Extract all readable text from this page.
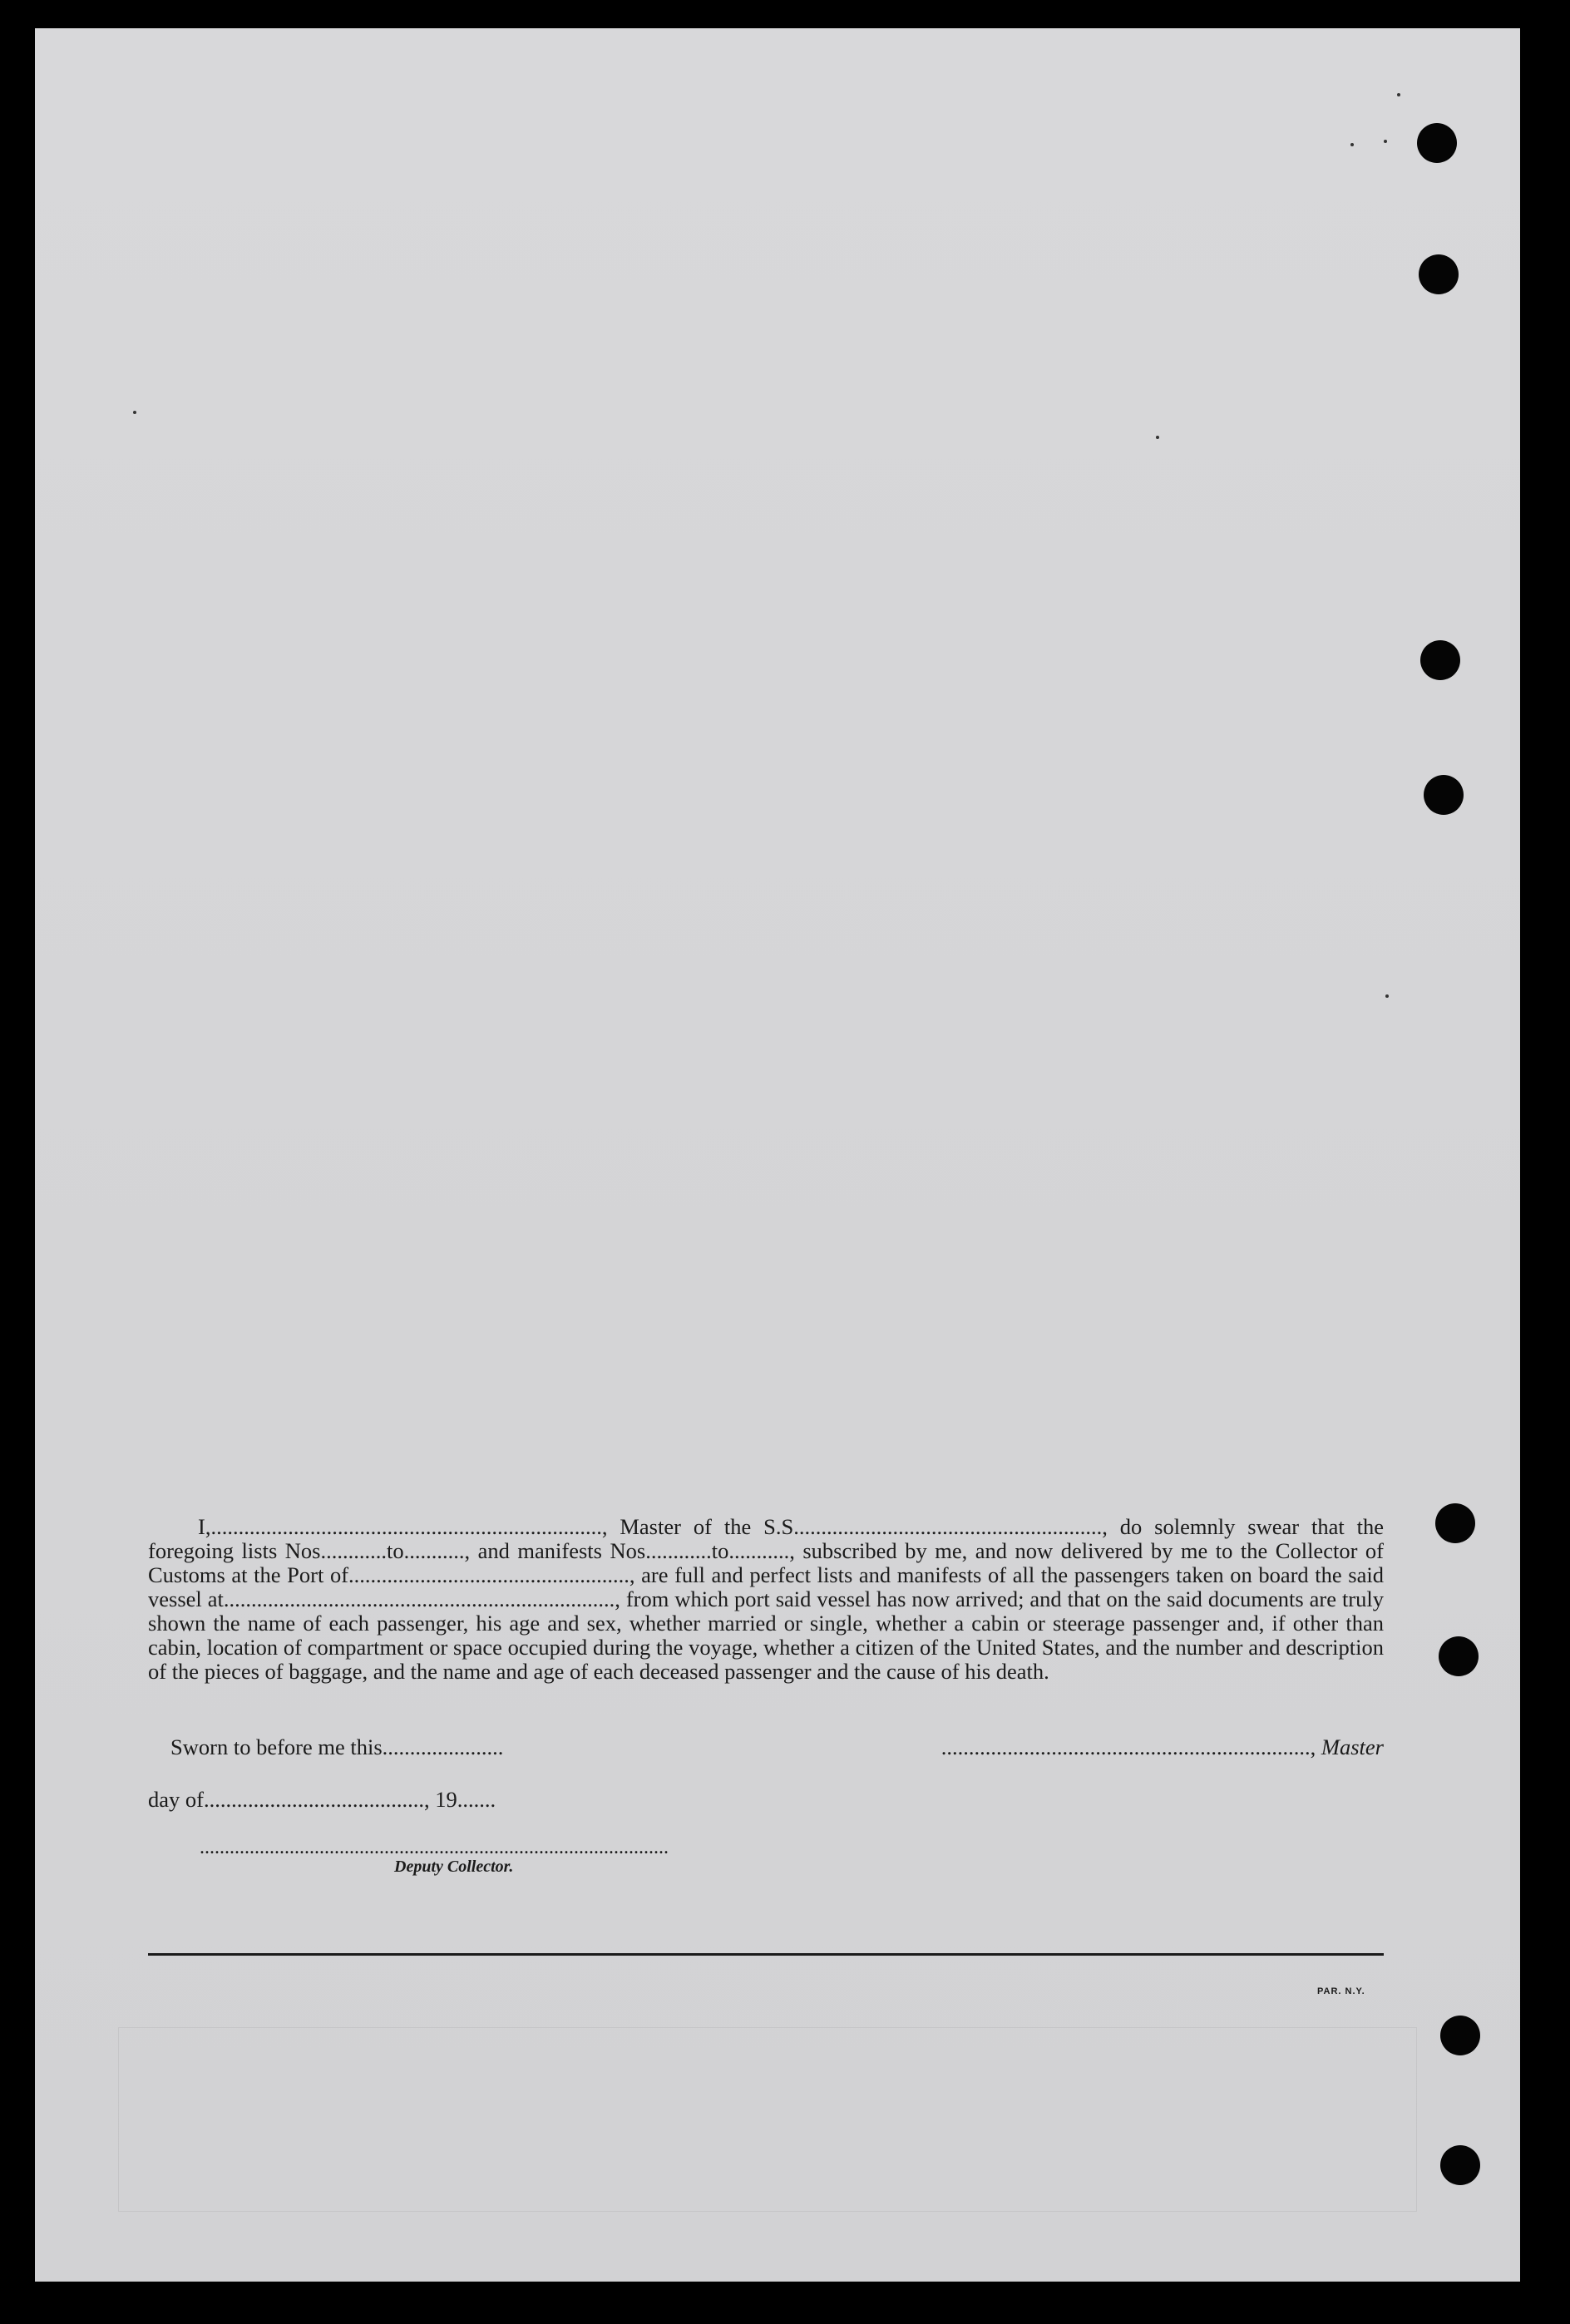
I,......................................................................., Master of the S.S........................................................, do solemnly swear that the foregoing lists Nos............to..........., and manifests Nos............to..........., subscribed by me, and now delivered by me to the Collector of Customs at the Port of..................................................., are full and perfect lists and manifests of all the passengers taken on board the said vessel at......................................................................., from which port said vessel has now arrived; and that on the said documents are truly shown the name of each passenger, his age and sex, whether married or single, whether a cabin or steerage passenger and, if other than cabin, location of compartment or space occupied during the voyage, whether a citizen of the United States, and the number and description of the pieces of baggage, and the name and age of each deceased passenger and the cause of his death.

Sworn to before me this......................	..................................................................., Master
day of........................................, 19.......
..............................................................................................
Deputy Collector.
PAR. N.Y.
